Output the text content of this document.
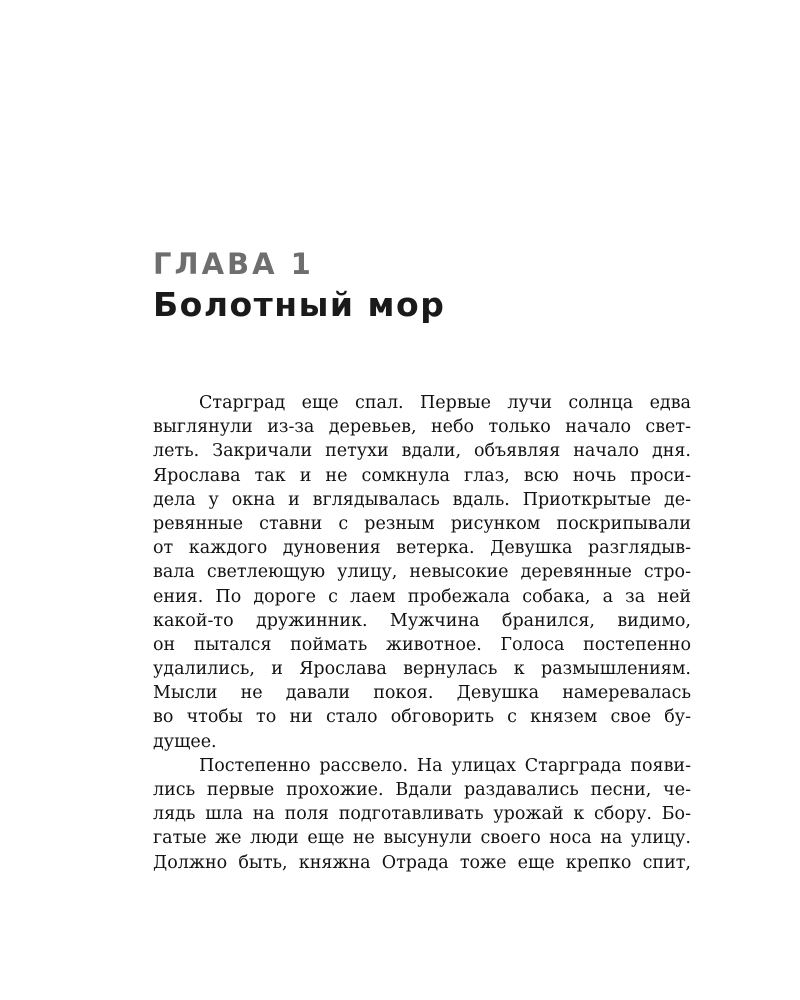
ГЛАВА 1
Болотный мор
Старград еще спал. Первые лучи солнца едва
выглянули из-за деревьев, небо только начало свет-
леть. Закричали петухи вдали, объявляя начало дня.
Ярослава так и не сомкнула глаз, всю ночь проси-
дела у окна и вглядывалась вдаль. Приоткрытые де-
ревянные ставни с резным рисунком поскрипывали
от каждого дуновения ветерка. Девушка разглядыв-
вала светлеющую улицу, невысокие деревянные стро-
ения. По дороге с лаем пробежала собака, а за ней
какой-то дружинник. Мужчина бранился, видимо,
он пытался поймать животное. Голоса постепенно
удалились, и Ярослава вернулась к размышлениям.
Мысли не давали покоя. Девушка намеревалась
во чтобы то ни стало обговорить с князем свое бу-
дущее.
Постепенно рассвело. На улицах Старграда появи-
лись первые прохожие. Вдали раздавались песни, че-
лядь шла на поля подготавливать урожай к сбору. Бо-
гатые же люди еще не высунули своего носа на улицу.
Должно быть, княжна Отрада тоже еще крепко спит,
